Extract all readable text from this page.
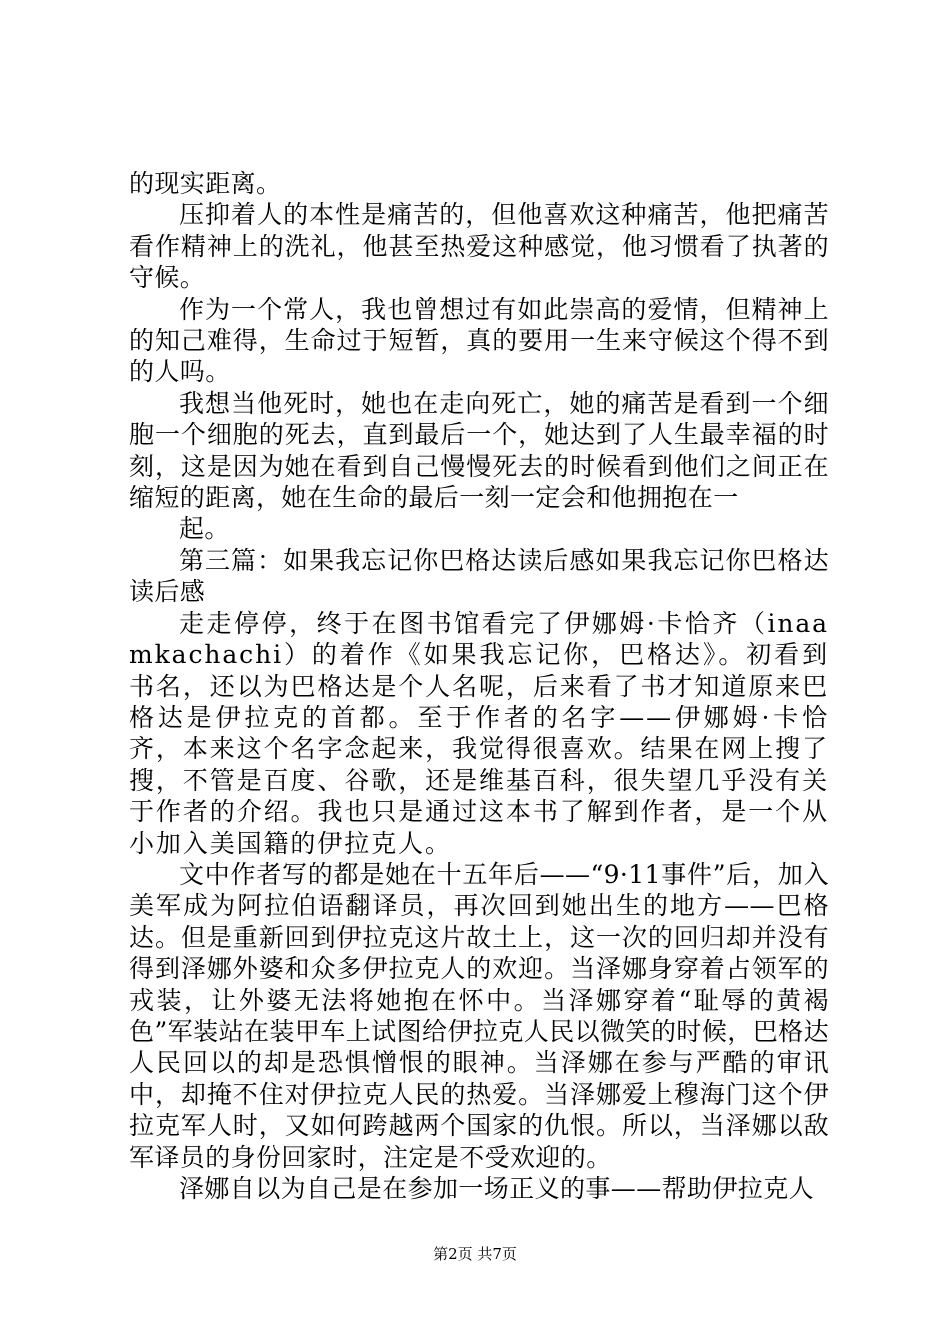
的现实距离。

压抑着人的本性是痛苦的，但他喜欢这种痛苦，他把痛苦看作精神上的洗礼，他甚至热爱这种感觉，他习惯看了执著的守候。

作为一个常人，我也曾想过有如此崇高的爱情，但精神上的知己难得，生命过于短暂，真的要用一生来守候这个得不到的人吗。

我想当他死时，她也在走向死亡，她的痛苦是看到一个细胞一个细胞的死去，直到最后一个，她达到了人生最幸福的时刻，这是因为她在看到自己慢慢死去的时候看到他们之间正在缩短的距离，她在生命的最后一刻一定会和他拥抱在一

起。

第三篇：如果我忘记你巴格达读后感如果我忘记你巴格达读后感

走走停停，终于在图书馆看完了伊娜姆·卡恰齐（inaamkachachi）的着作《如果我忘记你，巴格达》。初看到书名，还以为巴格达是个人名呢，后来看了书才知道原来巴格达是伊拉克的首都。至于作者的名字——伊娜姆·卡恰齐，本来这个名字念起来，我觉得很喜欢。结果在网上搜了搜，不管是百度、谷歌，还是维基百科，很失望几乎没有关于作者的介绍。我也只是通过这本书了解到作者，是一个从小加入美国籍的伊拉克人。

文中作者写的都是她在十五年后——“9·11事件”后，加入美军成为阿拉伯语翻译员，再次回到她出生的地方——巴格达。但是重新回到伊拉克这片故土上，这一次的回归却并没有得到泽娜外婆和众多伊拉克人的欢迎。当泽娜身穿着占领军的戎装，让外婆无法将她抱在怀中。当泽娜穿着“耻辱的黄褐色”军装站在装甲车上试图给伊拉克人民以微笑的时候，巴格达人民回以的却是恐惧憎恨的眼神。当泽娜在参与严酷的审讯中，却掩不住对伊拉克人民的热爱。当泽娜爱上穆海门这个伊拉克军人时，又如何跨越两个国家的仇恨。所以，当泽娜以敌军译员的身份回家时，注定是不受欢迎的。

泽娜自以为自己是在参加一场正义的事——帮助伊拉克人

第2页 共7页
